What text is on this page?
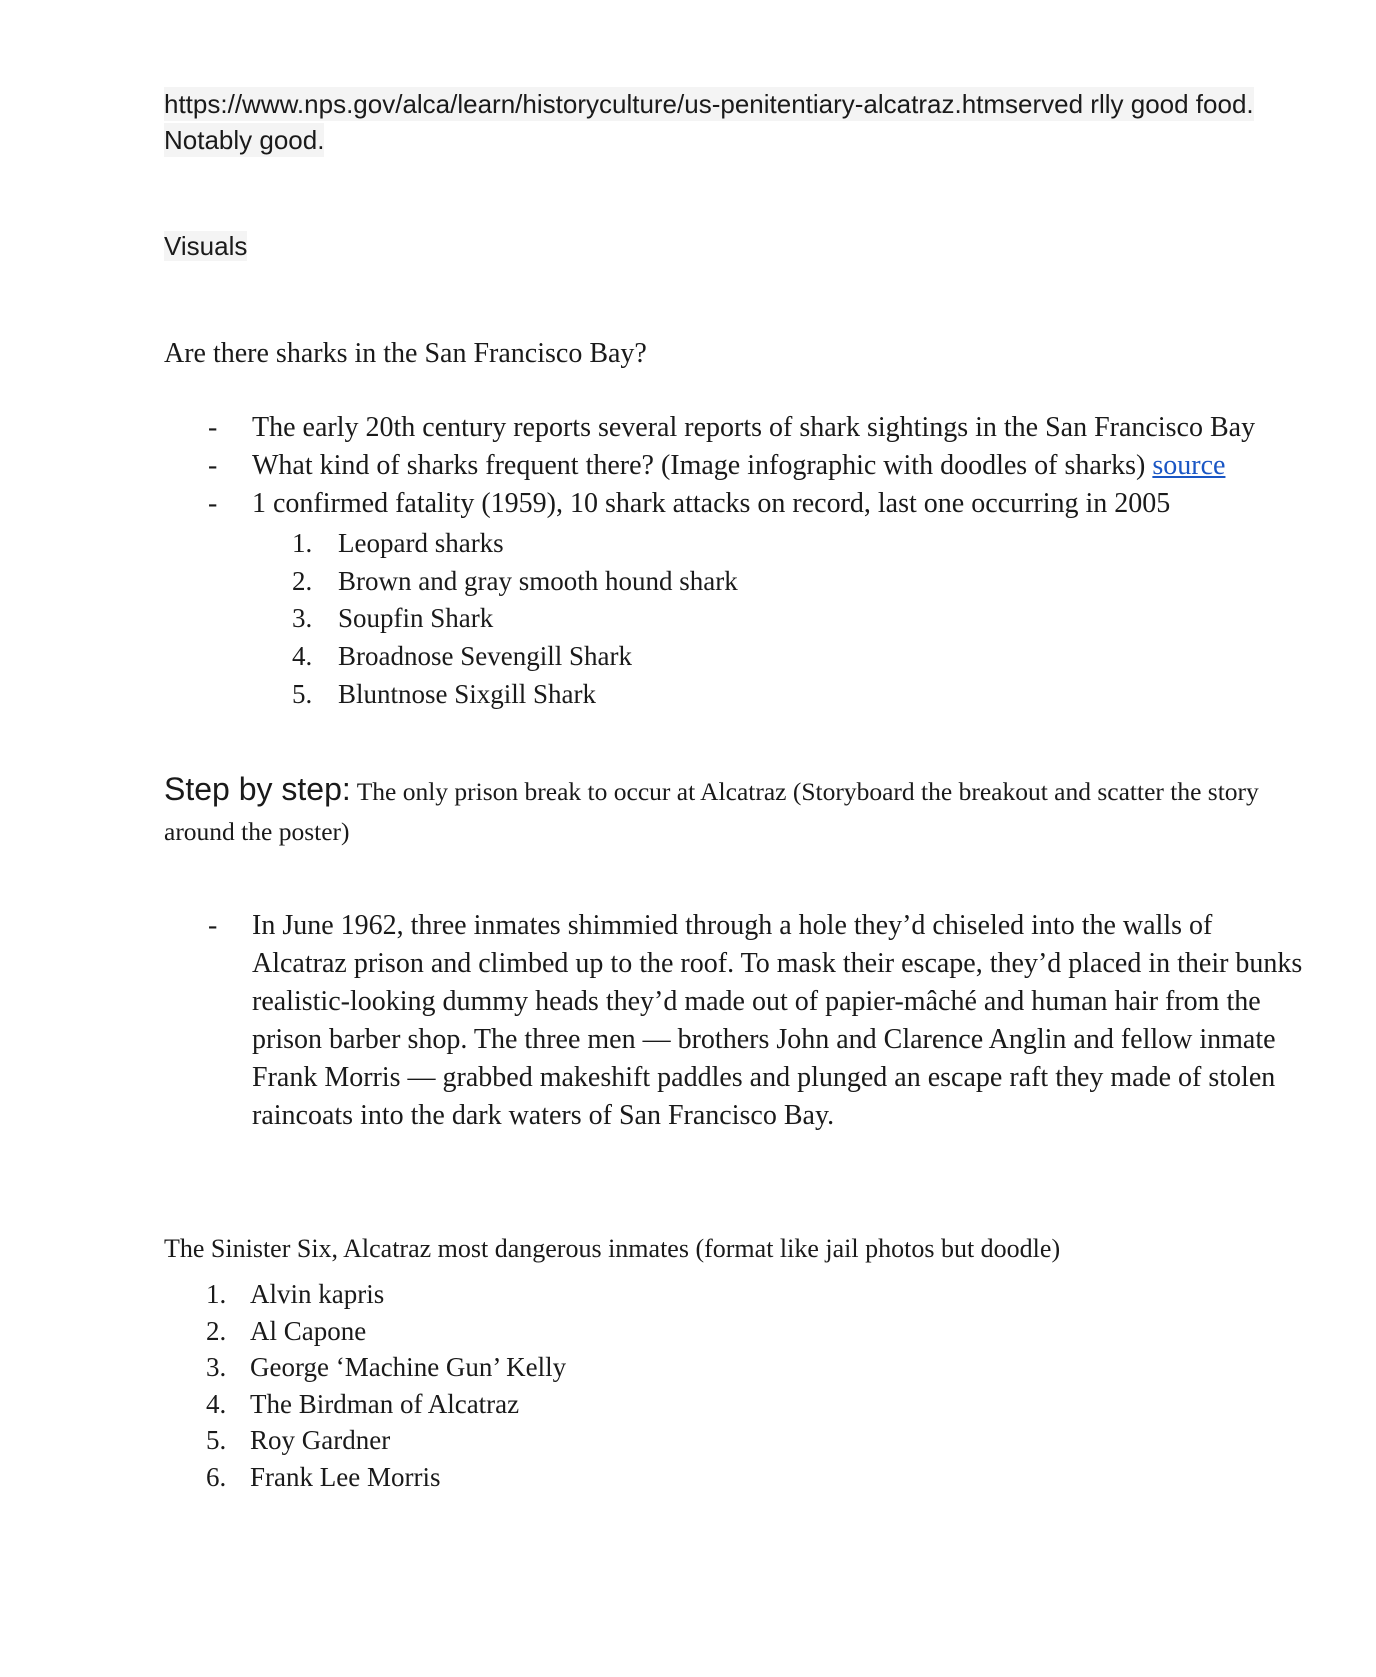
https://www.nps.gov/alca/learn/historyculture/us-penitentiary-alcatraz.htmserved rlly good food.
Notably good.
Visuals
Are there sharks in the San Francisco Bay?
- The early 20th century reports several reports of shark sightings in the San Francisco Bay
- What kind of sharks frequent there? (Image infographic with doodles of sharks) source
- 1 confirmed fatality (1959), 10 shark attacks on record, last one occurring in 2005
1. Leopard sharks
2. Brown and gray smooth hound shark
3. Soupfin Shark
4. Broadnose Sevengill Shark
5. Bluntnose Sixgill Shark
Step by step: The only prison break to occur at Alcatraz (Storyboard the breakout and scatter the story around the poster)
- In June 1962, three inmates shimmied through a hole they’d chiseled into the walls of Alcatraz prison and climbed up to the roof. To mask their escape, they’d placed in their bunks realistic-looking dummy heads they’d made out of papier-mâché and human hair from the prison barber shop. The three men — brothers John and Clarence Anglin and fellow inmate Frank Morris — grabbed makeshift paddles and plunged an escape raft they made of stolen raincoats into the dark waters of San Francisco Bay.
The Sinister Six, Alcatraz most dangerous inmates (format like jail photos but doodle)
1. Alvin kapris
2. Al Capone
3. George ‘Machine Gun’ Kelly
4. The Birdman of Alcatraz
5. Roy Gardner
6. Frank Lee Morris
